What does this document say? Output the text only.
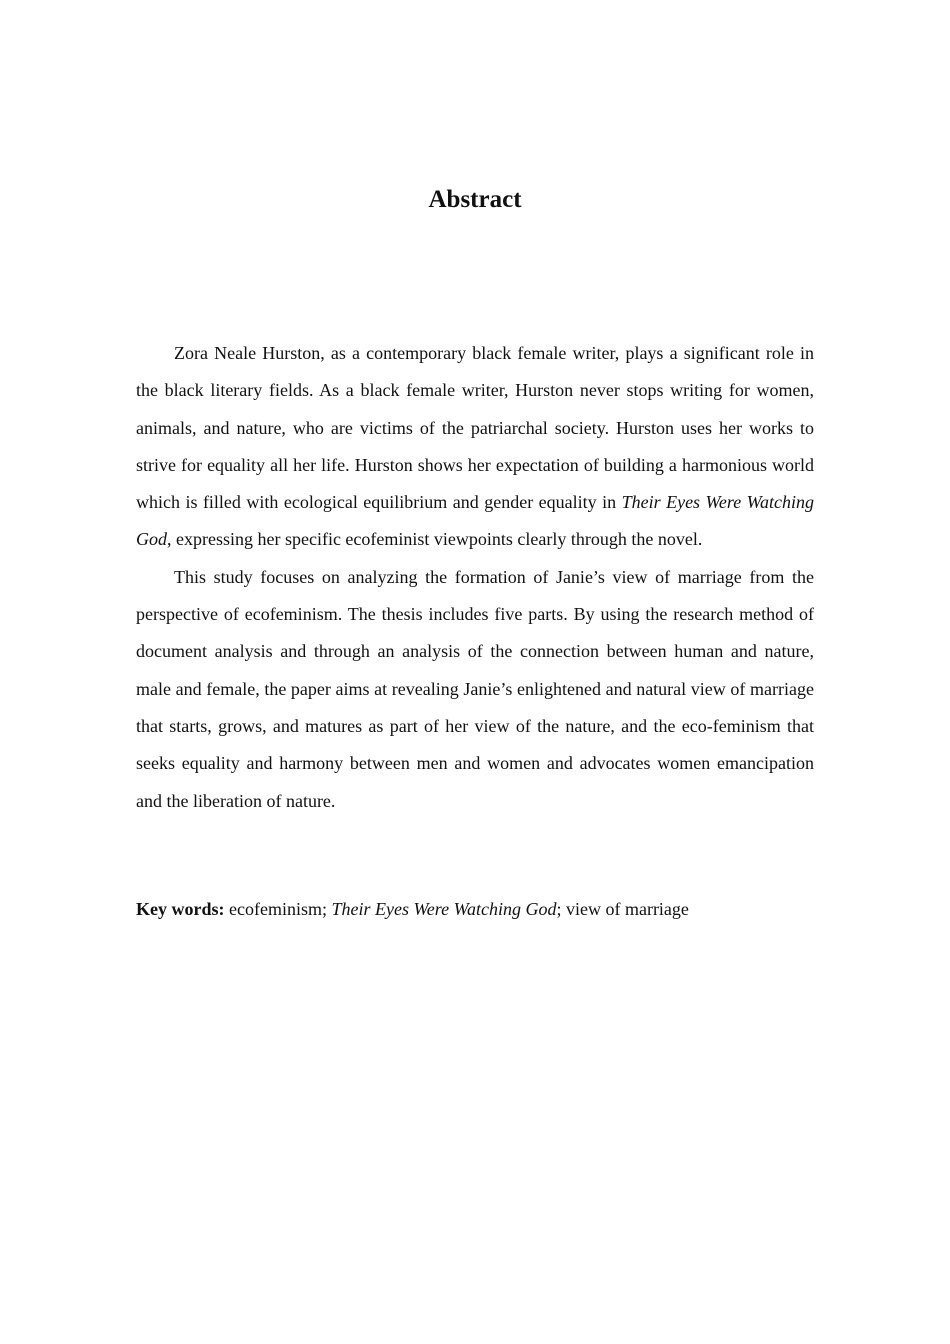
Abstract

Zora Neale Hurston, as a contemporary black female writer, plays a significant role in the black literary fields. As a black female writer, Hurston never stops writing for women, animals, and nature, who are victims of the patriarchal society. Hurston uses her works to strive for equality all her life. Hurston shows her expectation of building a harmonious world which is filled with ecological equilibrium and gender equality in Their Eyes Were Watching God, expressing her specific ecofeminist viewpoints clearly through the novel.

This study focuses on analyzing the formation of Janie’s view of marriage from the perspective of ecofeminism. The thesis includes five parts. By using the research method of document analysis and through an analysis of the connection between human and nature, male and female, the paper aims at revealing Janie’s enlightened and natural view of marriage that starts, grows, and matures as part of her view of the nature, and the eco-feminism that seeks equality and harmony between men and women and advocates women emancipation and the liberation of nature.

Key words: ecofeminism; Their Eyes Were Watching God; view of marriage
